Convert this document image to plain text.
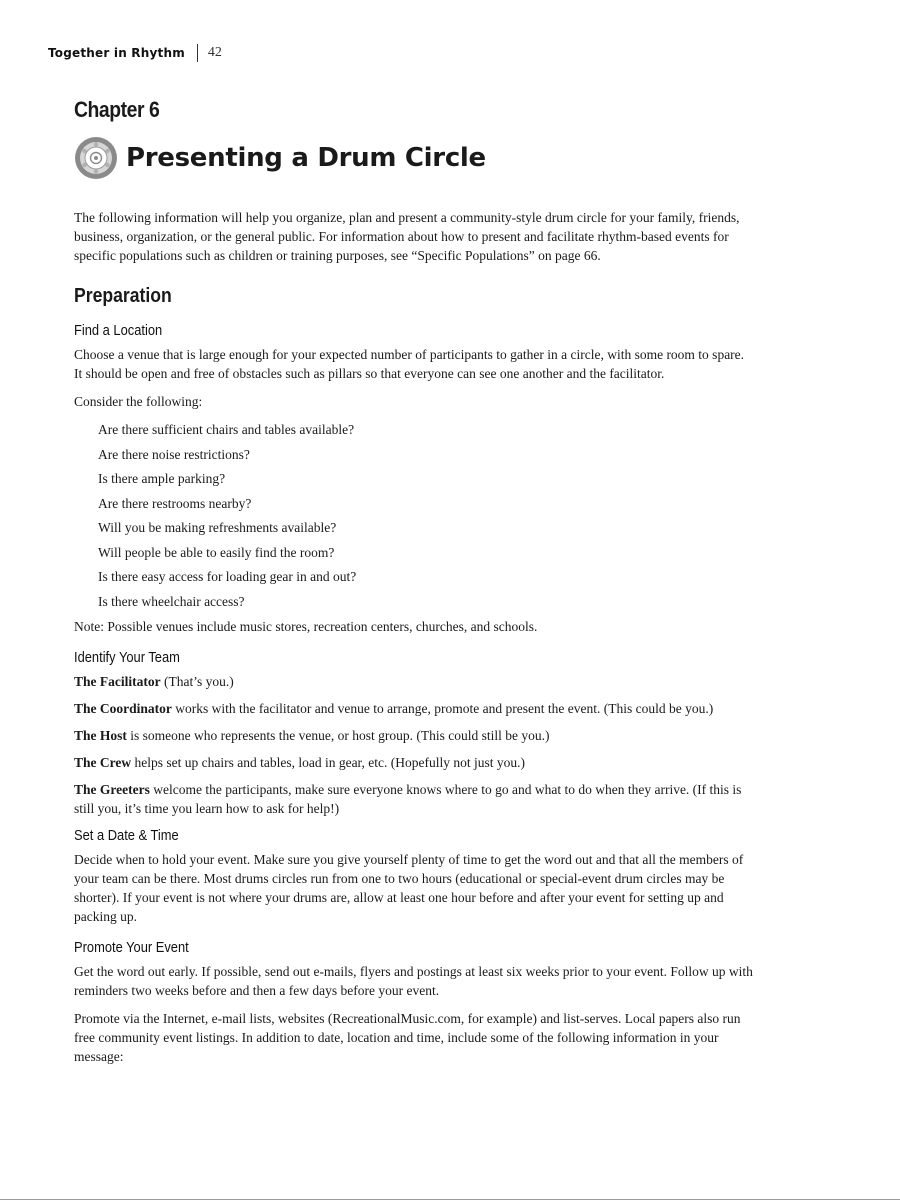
Together in Rhythm 42
Chapter 6
Presenting a Drum Circle

The following information will help you organize, plan and present a community-style drum circle for your family, friends, business, organization, or the general public. For information about how to present and facilitate rhythm-based events for specific populations such as children or training purposes, see “Specific Populations” on page 66.

Preparation
Find a Location

Choose a venue that is large enough for your expected number of participants to gather in a circle, with some room to spare. It should be open and free of obstacles such as pillars so that everyone can see one another and the facilitator.

Consider the following:

Are there sufficient chairs and tables available?
Are there noise restrictions?
Is there ample parking?
Are there restrooms nearby?
Will you be making refreshments available?
Will people be able to easily find the room?
Is there easy access for loading gear in and out?
Is there wheelchair access?

Note: Possible venues include music stores, recreation centers, churches, and schools.

Identify Your Team

The Facilitator (That’s you.)

The Coordinator works with the facilitator and venue to arrange, promote and present the event. (This could be you.)

The Host is someone who represents the venue, or host group. (This could still be you.)

The Crew helps set up chairs and tables, load in gear, etc. (Hopefully not just you.)

The Greeters welcome the participants, make sure everyone knows where to go and what to do when they arrive. (If this is still you, it’s time you learn how to ask for help!)

Set a Date & Time

Decide when to hold your event. Make sure you give yourself plenty of time to get the word out and that all the members of your team can be there. Most drums circles run from one to two hours (educational or special-event drum circles may be shorter). If your event is not where your drums are, allow at least one hour before and after your event for setting up and packing up.

Promote Your Event

Get the word out early. If possible, send out e-mails, flyers and postings at least six weeks prior to your event. Follow up with reminders two weeks before and then a few days before your event.

Promote via the Internet, e-mail lists, websites (RecreationalMusic.com, for example) and list-serves. Local papers also run free community event listings. In addition to date, location and time, include some of the following information in your message:
